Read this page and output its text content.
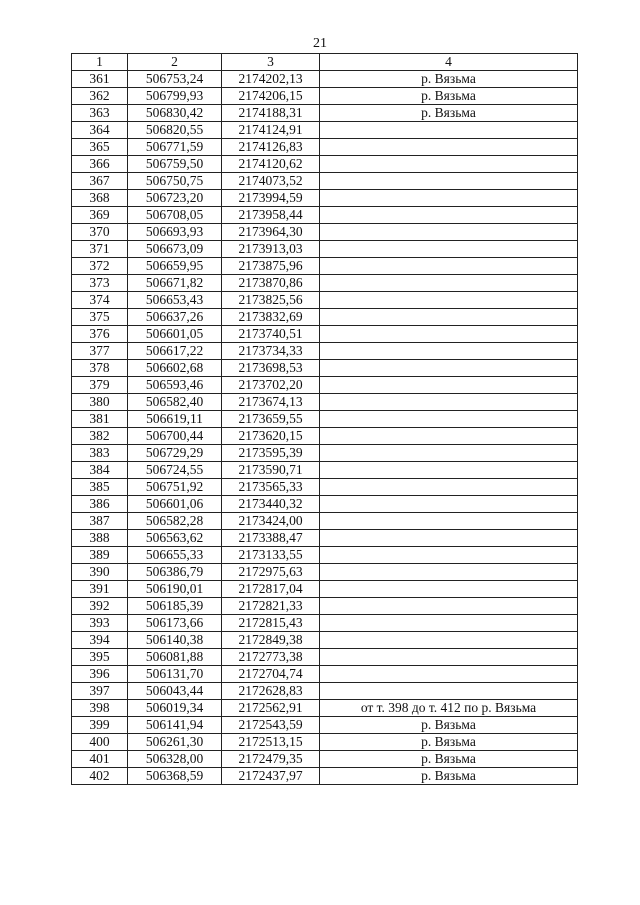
21
1	2	3	4
361	506753,24	2174202,13	р. Вязьма
362	506799,93	2174206,15	р. Вязьма
363	506830,42	2174188,31	р. Вязьма
364	506820,55	2174124,91	
365	506771,59	2174126,83	
366	506759,50	2174120,62	
367	506750,75	2174073,52	
368	506723,20	2173994,59	
369	506708,05	2173958,44	
370	506693,93	2173964,30	
371	506673,09	2173913,03	
372	506659,95	2173875,96	
373	506671,82	2173870,86	
374	506653,43	2173825,56	
375	506637,26	2173832,69	
376	506601,05	2173740,51	
377	506617,22	2173734,33	
378	506602,68	2173698,53	
379	506593,46	2173702,20	
380	506582,40	2173674,13	
381	506619,11	2173659,55	
382	506700,44	2173620,15	
383	506729,29	2173595,39	
384	506724,55	2173590,71	
385	506751,92	2173565,33	
386	506601,06	2173440,32	
387	506582,28	2173424,00	
388	506563,62	2173388,47	
389	506655,33	2173133,55	
390	506386,79	2172975,63	
391	506190,01	2172817,04	
392	506185,39	2172821,33	
393	506173,66	2172815,43	
394	506140,38	2172849,38	
395	506081,88	2172773,38	
396	506131,70	2172704,74	
397	506043,44	2172628,83	
398	506019,34	2172562,91	от т. 398 до т. 412 по р. Вязьма
399	506141,94	2172543,59	р. Вязьма
400	506261,30	2172513,15	р. Вязьма
401	506328,00	2172479,35	р. Вязьма
402	506368,59	2172437,97	р. Вязьма
